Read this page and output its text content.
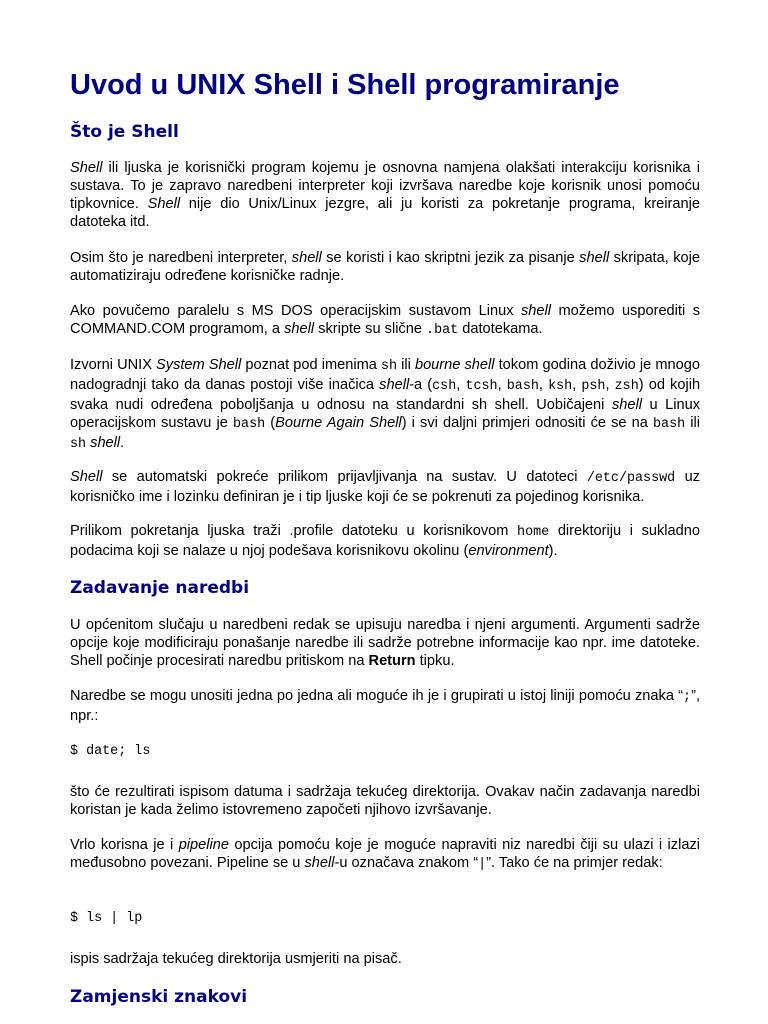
Uvod u UNIX Shell i Shell programiranje
Što je Shell

Shell ili ljuska je korisnički program kojemu je osnovna namjena olakšati interakciju korisnika i sustava. To je zapravo naredbeni interpreter koji izvršava naredbe koje korisnik unosi pomoću tipkovnice. Shell nije dio Unix/Linux jezgre, ali ju koristi za pokretanje programa, kreiranje datoteka itd.

Osim što je naredbeni interpreter, shell se koristi i kao skriptni jezik za pisanje shell skripata, koje automatiziraju određene korisničke radnje.

Ako povučemo paralelu s MS DOS operacijskim sustavom Linux shell možemo usporediti s COMMAND.COM programom, a shell skripte su slične .bat datotekama.

Izvorni UNIX System Shell poznat pod imenima sh ili bourne shell tokom godina doživio je mnogo nadogradnji tako da danas postoji više inačica shell-a (csh, tcsh, bash, ksh, psh, zsh) od kojih svaka nudi određena poboljšanja u odnosu na standardni sh shell. Uobičajeni shell u Linux operacijskom sustavu je bash (Bourne Again Shell) i svi daljni primjeri odnositi će se na bash ili sh shell.

Shell se automatski pokreće prilikom prijavljivanja na sustav. U datoteci /etc/passwd uz korisničko ime i lozinku definiran je i tip ljuske koji će se pokrenuti za pojedinog korisnika.

Prilikom pokretanja ljuska traži .profile datoteku u korisnikovom home direktoriju i sukladno podacima koji se nalaze u njoj podešava korisnikovu okolinu (environment).

Zadavanje naredbi

U općenitom slučaju u naredbeni redak se upisuju naredba i njeni argumenti. Argumenti sadrže opcije koje modificiraju ponašanje naredbe ili sadrže potrebne informacije kao npr. ime datoteke. Shell počinje procesirati naredbu pritiskom na Return tipku.

Naredbe se mogu unositi jedna po jedna ali moguće ih je i grupirati u istoj liniji pomoću znaka “;”, npr.:

$ date; ls

što će rezultirati ispisom datuma i sadržaja tekućeg direktorija. Ovakav način zadavanja naredbi koristan je kada želimo istovremeno započeti njihovo izvršavanje.

Vrlo korisna je i pipeline opcija pomoću koje je moguće napraviti niz naredbi čiji su ulazi i izlazi međusobno povezani. Pipeline se u shell-u označava znakom “|”. Tako će na primjer redak:

$ ls | lp

ispis sadržaja tekućeg direktorija usmjeriti na pisač.

Zamjenski znakovi
